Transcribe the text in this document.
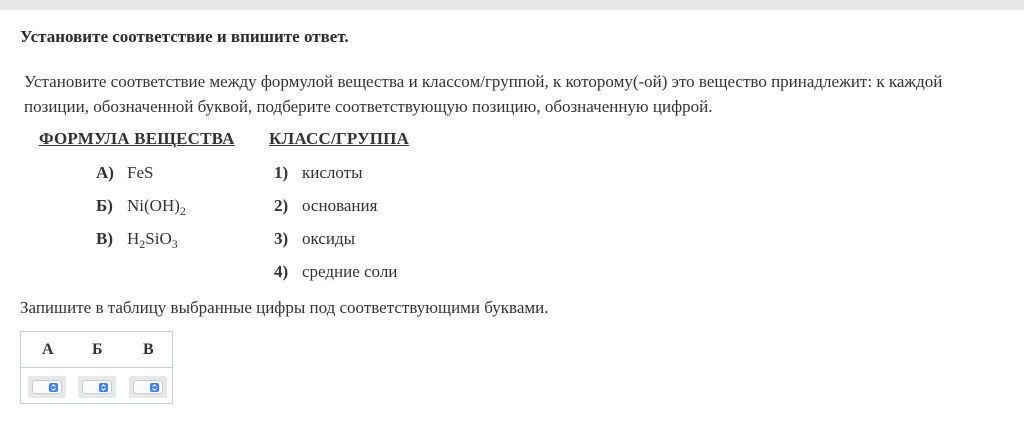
Установите соответствие и впишите ответ.
Установите соответствие между формулой вещества и классом/группой, к которому(-ой) это вещество принадлежит: к каждой позиции, обозначенной буквой, подберите соответствующую позицию, обозначенную цифрой.
ФОРМУЛА ВЕЩЕСТВА КЛАСС/ГРУППА
А) FeS
Б) $Ni(OH)_2$
В) $H_2SiO_3$
1) кислоты
2) основания
3) оксиды
4) средние соли
Запишите в таблицу выбранные цифры под соответствующими буквами.
А Б	В
